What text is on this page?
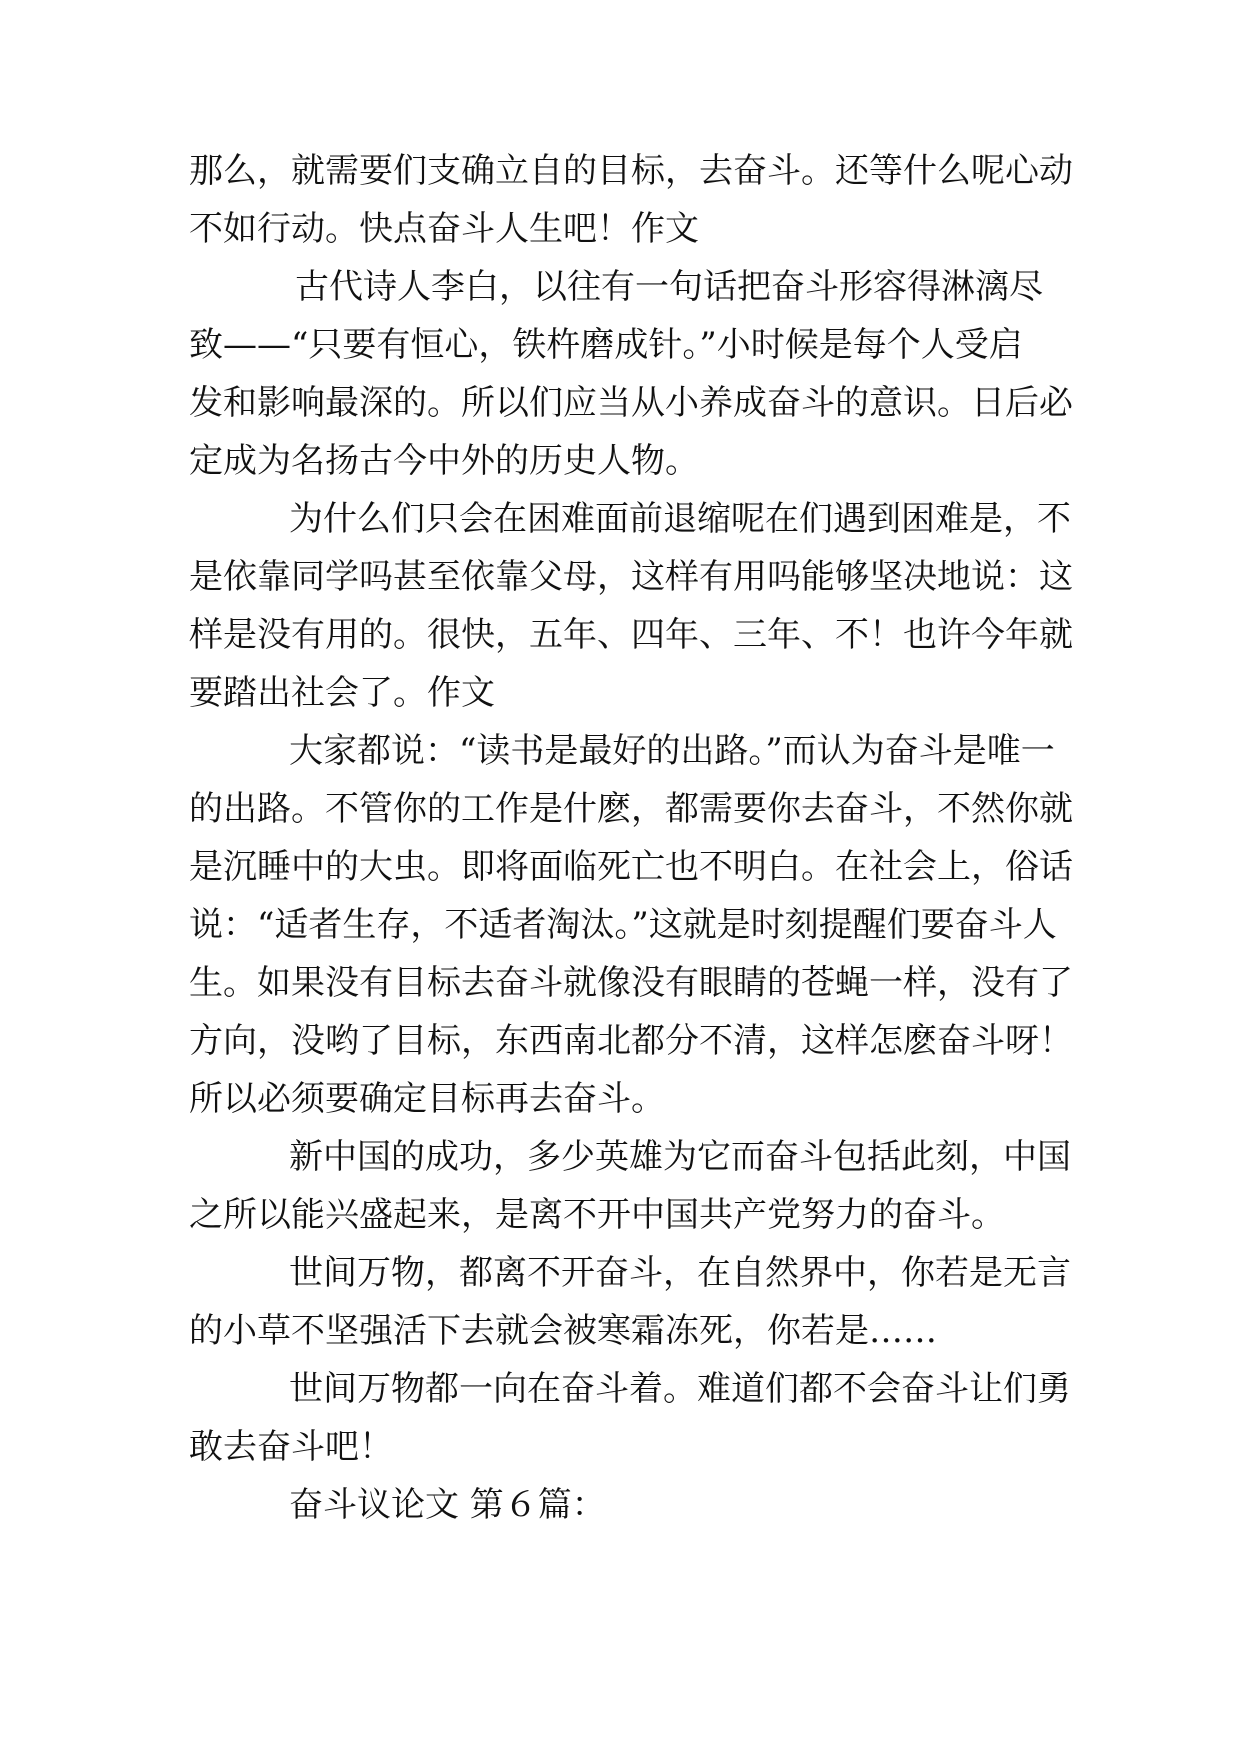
那么，就需要们支确立自的目标，去奋斗。还等什么呢心动
不如行动。快点奋斗人生吧！作文
古代诗人李白，以往有一句话把奋斗形容得淋漓尽
致——“只要有恒心，铁杵磨成针。”小时候是每个人受启
发和影响最深的。所以们应当从小养成奋斗的意识。日后必
定成为名扬古今中外的历史人物。
为什么们只会在困难面前退缩呢在们遇到困难是，不
是依靠同学吗甚至依靠父母，这样有用吗能够坚决地说：这
样是没有用的。很快，五年、四年、三年、不！也许今年就
要踏出社会了。作文
大家都说：“读书是最好的出路。”而认为奋斗是唯一
的出路。不管你的工作是什麽，都需要你去奋斗，不然你就
是沉睡中的大虫。即将面临死亡也不明白。在社会上，俗话
说：“适者生存，不适者淘汰。”这就是时刻提醒们要奋斗人
生。如果没有目标去奋斗就像没有眼睛的苍蝇一样，没有了
方向，没哟了目标，东西南北都分不清，这样怎麽奋斗呀！
所以必须要确定目标再去奋斗。
新中国的成功，多少英雄为它而奋斗包括此刻，中国
之所以能兴盛起来，是离不开中国共产党努力的奋斗。
世间万物，都离不开奋斗，在自然界中，你若是无言
的小草不坚强活下去就会被寒霜冻死，你若是……
世间万物都一向在奋斗着。难道们都不会奋斗让们勇
敢去奋斗吧！
奋斗议论文 第６篇：
